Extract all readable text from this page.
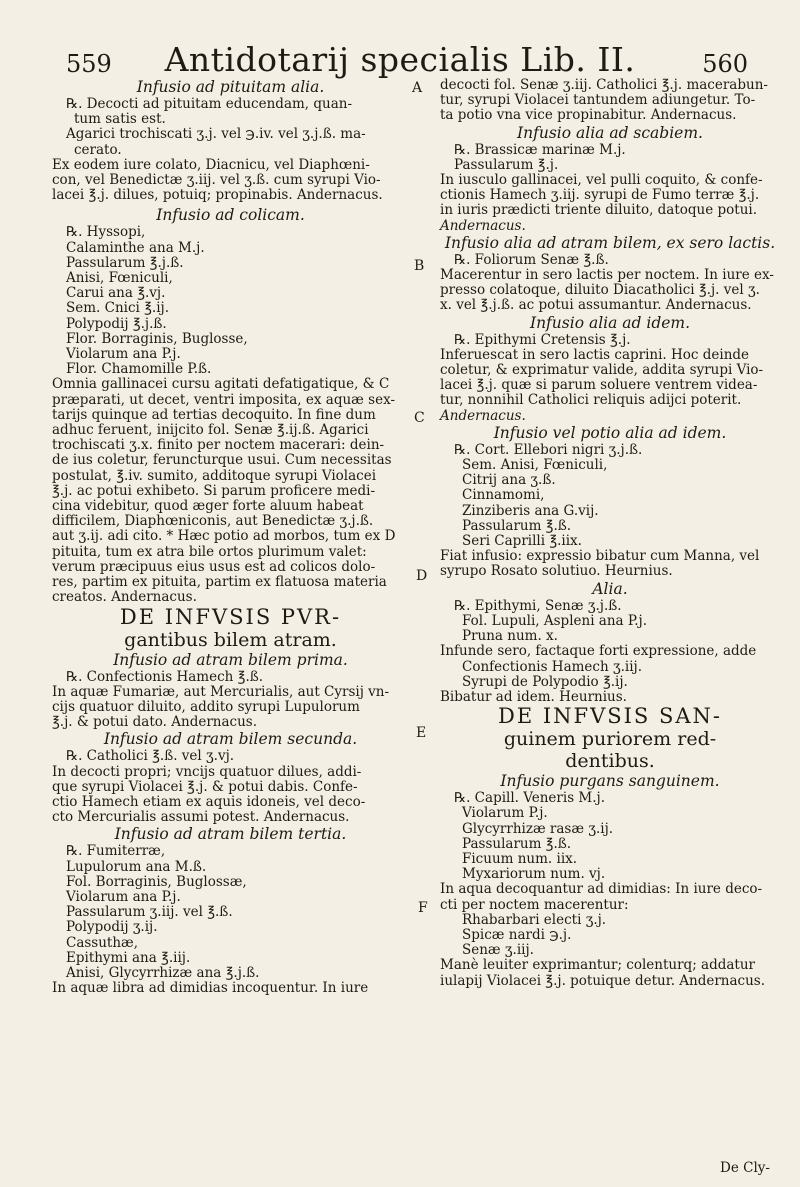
559	Antidotarij specialis Lib. II.	560
A
B
C
D
E
F
Infusio ad pituitam alia.
℞. Decocti ad pituitam educendam, quan-
tum satis est.
Agarici trochiscati ʒ.j. vel ℈.iv. vel ʒ.j.ß. ma-
cerato.
Ex eodem iure colato, Diacnicu, vel Diaphœni-
con, vel Benedictæ ʒ.iij. vel ʒ.ß. cum syrupi Vio-
lacei ℥.j. dilues, potuiq; propinabis. Andernacus.
Infusio ad colicam.
℞. Hyssopi,
Calaminthe ana M.j.
Passularum ℥.j.ß.
Anisi, Fœniculi,
Carui ana ℥.vj.
Sem. Cnici ℥.ij.
Polypodij ℥.j.ß.
Flor. Borraginis, Buglosse,
Violarum ana P.j.
Flor. Chamomille P.ß.
Omnia gallinacei cursu agitati defatigatique, & C
præparati, ut decet, ventri imposita, ex aquæ sex-
tarijs quinque ad tertias decoquito. In fine dum
adhuc feruent, inijcito fol. Senæ ℥.ij.ß. Agarici
trochiscati ʒ.x. finito per noctem macerari: dein-
de ius coletur, feruncturque usui. Cum necessitas
postulat, ℥.iv. sumito, additoque syrupi Violacei
℥.j. ac potui exhibeto. Si parum proficere medi-
cina videbitur, quod æger forte aluum habeat
difficilem, Diaphœniconis, aut Benedictæ ʒ.j.ß.
aut ʒ.ij. adi cito. * Hæc potio ad morbos, tum ex D
pituita, tum ex atra bile ortos plurimum valet:
verum præcipuus eius usus est ad colicos dolo-
res, partim ex pituita, partim ex flatuosa materia
creatos. Andernacus.
DE INFVSIS PVR-
gantibus bilem atram.
Infusio ad atram bilem prima.
℞. Confectionis Hamech ℥.ß.
In aquæ Fumariæ, aut Mercurialis, aut Cyrsij vn-
cijs quatuor diluito, addito syrupi Lupulorum
℥.j. & potui dato. Andernacus.
Infusio ad atram bilem secunda.
℞. Catholici ℥.ß. vel ʒ.vj.
In decocti propri; vncijs quatuor dilues, addi-
que syrupi Violacei ℥.j. & potui dabis. Confe-
ctio Hamech etiam ex aquis idoneis, vel deco-
cto Mercurialis assumi potest. Andernacus.
Infusio ad atram bilem tertia.
℞. Fumiterræ,
Lupulorum ana M.ß.
Fol. Borraginis, Buglossæ,
Violarum ana P.j.
Passularum ʒ.iij. vel ℥.ß.
Polypodij ʒ.ij.
Cassuthæ,
Epithymi ana ℥.iij.
Anisi, Glycyrrhizæ ana ℥.j.ß.
In aquæ libra ad dimidias incoquentur. In iure
decocti fol. Senæ ʒ.iij. Catholici ℥.j. macerabun-
tur, syrupi Violacei tantundem adiungetur. To-
ta potio vna vice propinabitur. Andernacus.
Infusio alia ad scabiem.
℞. Brassicæ marinæ M.j.
Passularum ℥.j.
In iusculo gallinacei, vel pulli coquito, & confe-
ctionis Hamech ʒ.iij. syrupi de Fumo terræ ℥.j.
in iuris prædicti triente diluito, datoque potui.
Andernacus.
Infusio alia ad atram bilem, ex sero lactis.
℞. Foliorum Senæ ℥.ß.
Macerentur in sero lactis per noctem. In iure ex-
presso colatoque, diluito Diacatholici ℥.j. vel ʒ.
x. vel ℥.j.ß. ac potui assumantur. Andernacus.
Infusio alia ad idem.
℞. Epithymi Cretensis ℥.j.
Inferuescat in sero lactis caprini. Hoc deinde
coletur, & exprimatur valide, addita syrupi Vio-
lacei ℥.j. quæ si parum soluere ventrem videa-
tur, nonnihil Catholici reliquis adijci poterit.
Andernacus.
Infusio vel potio alia ad idem.
℞. Cort. Ellebori nigri ʒ.j.ß.
Sem. Anisi, Fœniculi,
Citrij ana ʒ.ß.
Cinnamomi,
Zinziberis ana G.vij.
Passularum ℥.ß.
Seri Caprilli ℥.iix.
Fiat infusio: expressio bibatur cum Manna, vel
syrupo Rosato solutiuo. Heurnius.
Alia.
℞. Epithymi, Senæ ʒ.j.ß.
Fol. Lupuli, Aspleni ana P.j.
Pruna num. x.
Infunde sero, factaque forti expressione, adde
Confectionis Hamech ʒ.iij.
Syrupi de Polypodio ℥.ij.
Bibatur ad idem. Heurnius.
DE INFVSIS SAN-
guinem puriorem red-
dentibus.
Infusio purgans sanguinem.
℞. Capill. Veneris M.j.
Violarum P.j.
Glycyrrhizæ rasæ ʒ.ij.
Passularum ℥.ß.
Ficuum num. iix.
Myxariorum num. vj.
In aqua decoquantur ad dimidias: In iure deco-
cti per noctem macerentur:
Rhabarbari electi ʒ.j.
Spicæ nardi ℈.j.
Senæ ʒ.iij.
Manè leuiter exprimantur; colenturq; addatur
iulapij Violacei ℥.j. potuique detur. Andernacus.
De Cly-
